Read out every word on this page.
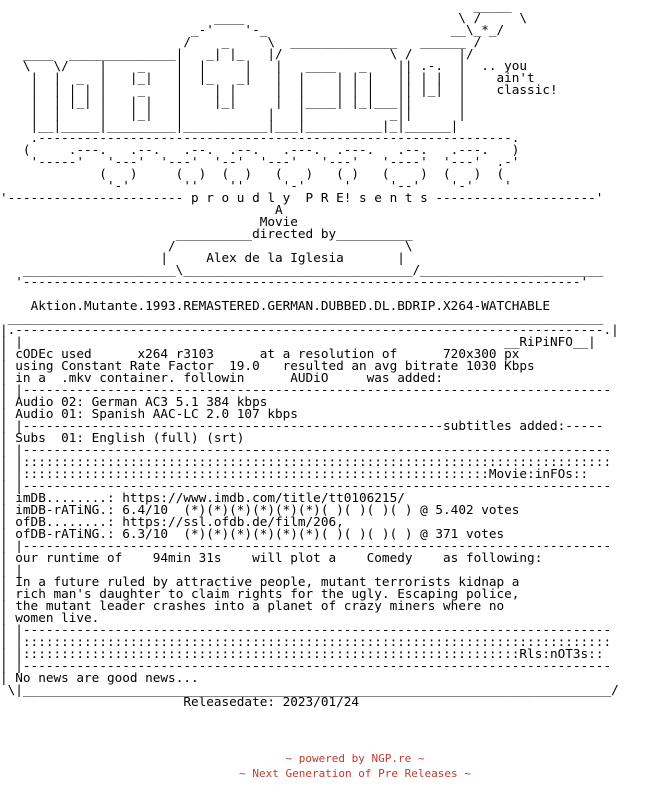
_____
____                            \ /     \
_-'    '-_                        __\_*_/
/    _     \  ______________   ______ /
____  ______________|   _| |_   |/              \ /      |/
\   \/    |    _    |  |     |   |   ____   _    || .-.  |  .. you
|  |  _  |   |_|   |  |_   _|   |  |    | | |   || | |  |    ain't
|  | | | |    _    |    | |     |  |    | | |   || |_|  |    classic!
|  | |_| |   | |   |    |_|     |  |____| |_|___||      |
|  |     |   |_|   |           |   |           _||      |
|__|_____|_________|___________|___|__________|_|______|
.--------------------------------------------------------------.
(     .---.   .--.   .--.  .--.   .---.  .---.   .--.   .---.   )
'-----'   '---'  '---'  '--'  '---'   '---'   '----'  '---'  .-'
(   )     (  )  (  )   (   )   ( )   (    )  (   )  (
'-'       ''    ''     '-'     '     '--'    '-'    '
'----------------------- p r o u d l y  P R E! s e n t s ---------------------'
A
Movie
__________directed by__________
/                              \
|	Alex de la Iglesia	|
____________________\______________________________/________________________
'-------------------------------------------------------------------------'

Aktion.Mutante.1993.REMASTERED.GERMAN.DUBBED.DL.BDRIP.X264-WATCHABLE
______________________________________________________________________________
|.-----------------------------------------------------------------------------.|
| |                                                               __RiPiNFO__|
| cODEc used      x264 r3103      at a resolution of      720x300 px
| using Constant Rate Factor  19.0   resulted an avg bitrate 1030 Kbps
| in a  .mkv container. followin      AUDiO     was added:
| |-----------------------------------------------------------------------------
| Audio 02: German AC3 5.1 384 kbps
| Audio 01: Spanish AAC-LC 2.0 107 kbps
| |-------------------------------------------------------subtitles added:-----
| Subs  01: English (full) (srt)
| |-----------------------------------------------------------------------------
| |:::::::::::::::::::::::::::::::::::::::::::::::::::::::::::::::::::::::::::::
| |:::::::::::::::::::::::::::::::::::::::::::::::::::::::::::::Movie:inFOs::
| |-----------------------------------------------------------------------------
| imDB........: https://www.imdb.com/title/tt0106215/
| imDB-rATiNG.: 6.4/10  (*)(*)(*)(*)(*)(*)( )( )( )( ) @ 5.402 votes
| ofDB........: https://ssl.ofdb.de/film/206,
| ofDB-rATiNG.: 6.3/10  (*)(*)(*)(*)(*)(*)( )( )( )( ) @ 371 votes
| |-----------------------------------------------------------------------------
| our runtime of    94min 31s    will plot a    Comedy    as following:
| |
| In a future ruled by attractive people, mutant terrorists kidnap a
| rich man's daughter to claim rights for the ugly. Escaping police,
| the mutant leader crashes into a planet of crazy miners where no
| women live.
| |-----------------------------------------------------------------------------
| |:::::::::::::::::::::::::::::::::::::::::::::::::::::::::::::::::::::::::::::
| |:::::::::::::::::::::::::::::::::::::::::::::::::::::::::::::::::Rls:nOT3s::
| |-----------------------------------------------------------------------------
| No news are good news...
\|_____________________________________________________________________________/
Releasedate: 2023/01/24
~ powered by NGP.re ~
~ Next Generation of Pre Releases ~
